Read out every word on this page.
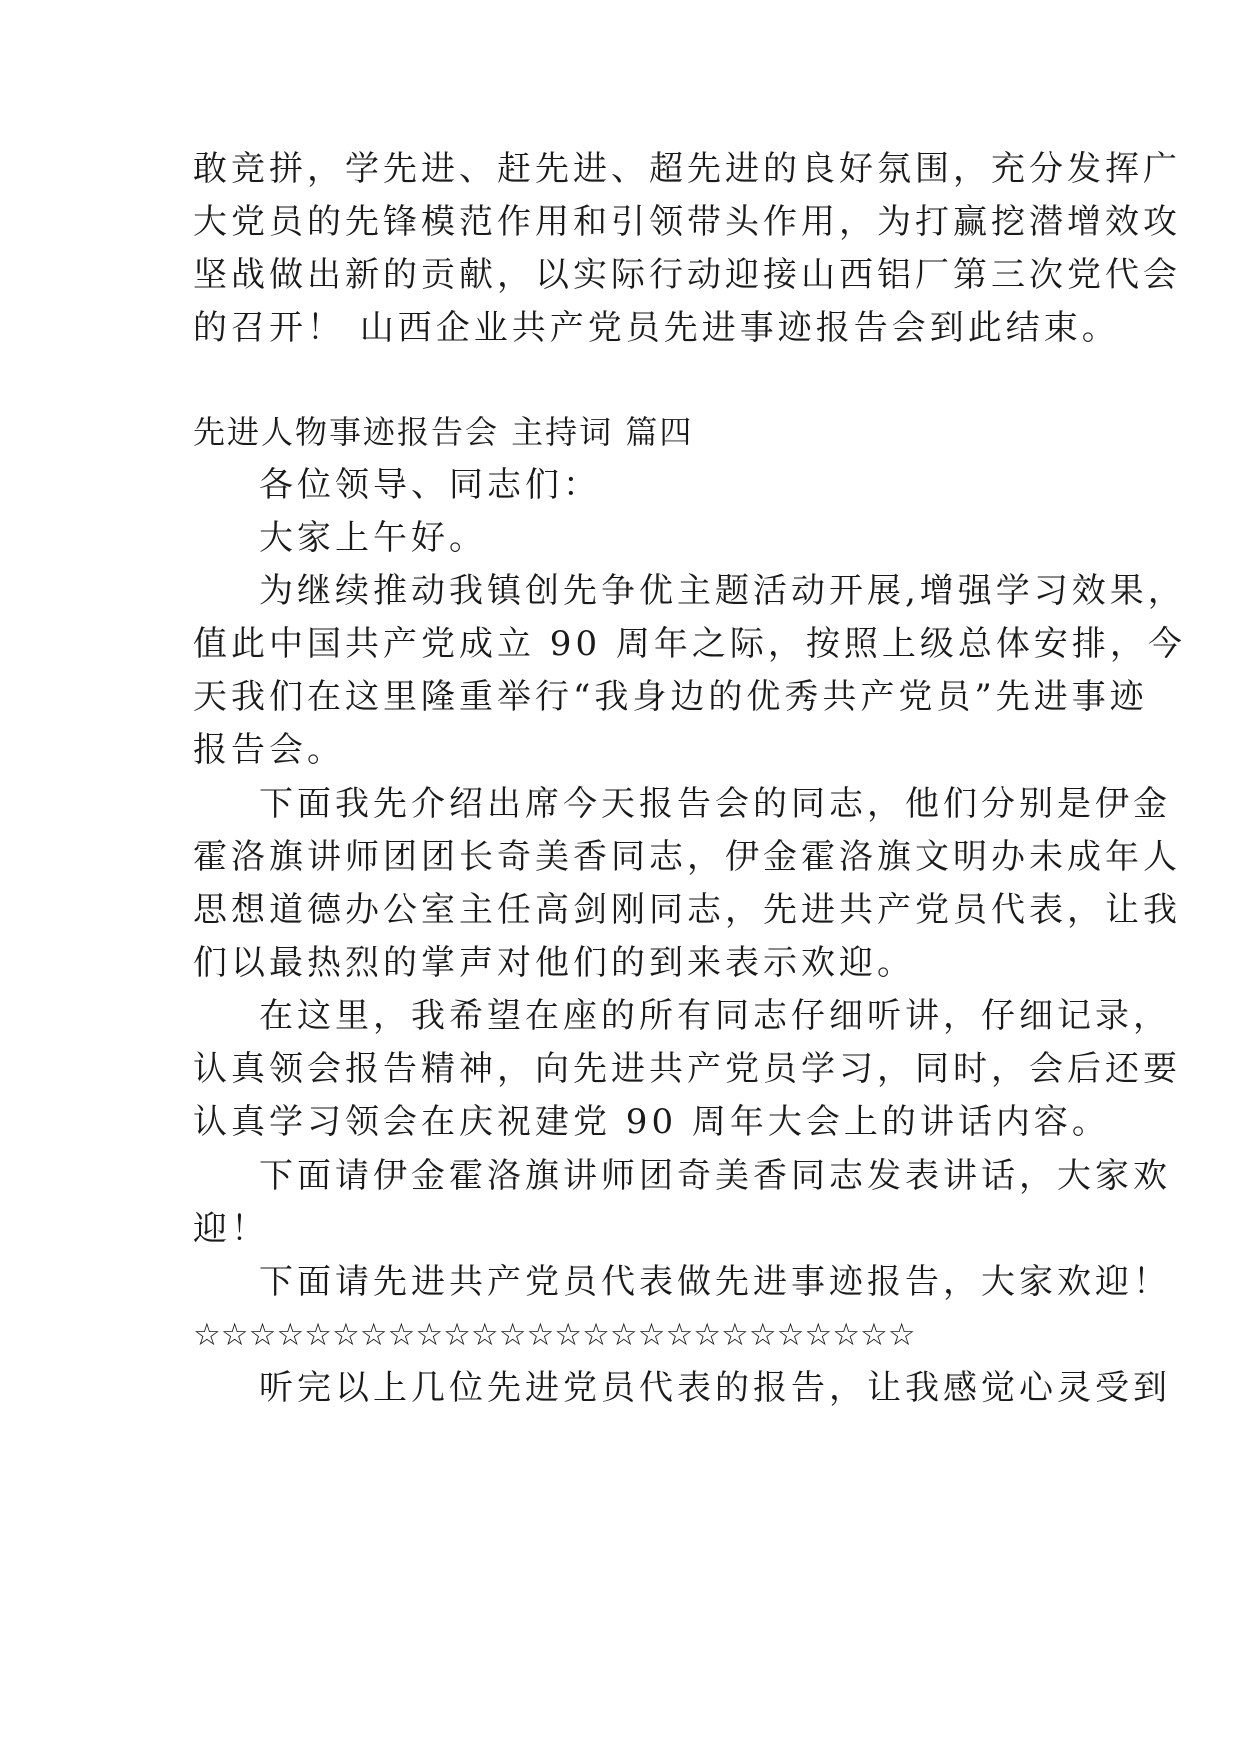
敢竞拼，学先进、赶先进、超先进的良好氛围，充分发挥广
大党员的先锋模范作用和引领带头作用，为打赢挖潜增效攻
坚战做出新的贡献，以实际行动迎接山西铝厂第三次党代会
的召开！ 山西企业共产党员先进事迹报告会到此结束。
先进人物事迹报告会 主持词 篇四
各位领导、同志们：
大家上午好。
为继续推动我镇创先争优主题活动开展,增强学习效果，
值此中国共产党成立 90 周年之际，按照上级总体安排，今
天我们在这里隆重举行“我身边的优秀共产党员”先进事迹
报告会。
下面我先介绍出席今天报告会的同志，他们分别是伊金
霍洛旗讲师团团长奇美香同志，伊金霍洛旗文明办未成年人
思想道德办公室主任高剑刚同志，先进共产党员代表，让我
们以最热烈的掌声对他们的到来表示欢迎。
在这里，我希望在座的所有同志仔细听讲，仔细记录，
认真领会报告精神，向先进共产党员学习，同时，会后还要
认真学习领会在庆祝建党 90 周年大会上的讲话内容。
下面请伊金霍洛旗讲师团奇美香同志发表讲话，大家欢
迎！
下面请先进共产党员代表做先进事迹报告，大家欢迎！
☆☆☆☆☆☆☆☆☆☆☆☆☆☆☆☆☆☆☆☆☆☆☆☆☆☆
听完以上几位先进党员代表的报告，让我感觉心灵受到
